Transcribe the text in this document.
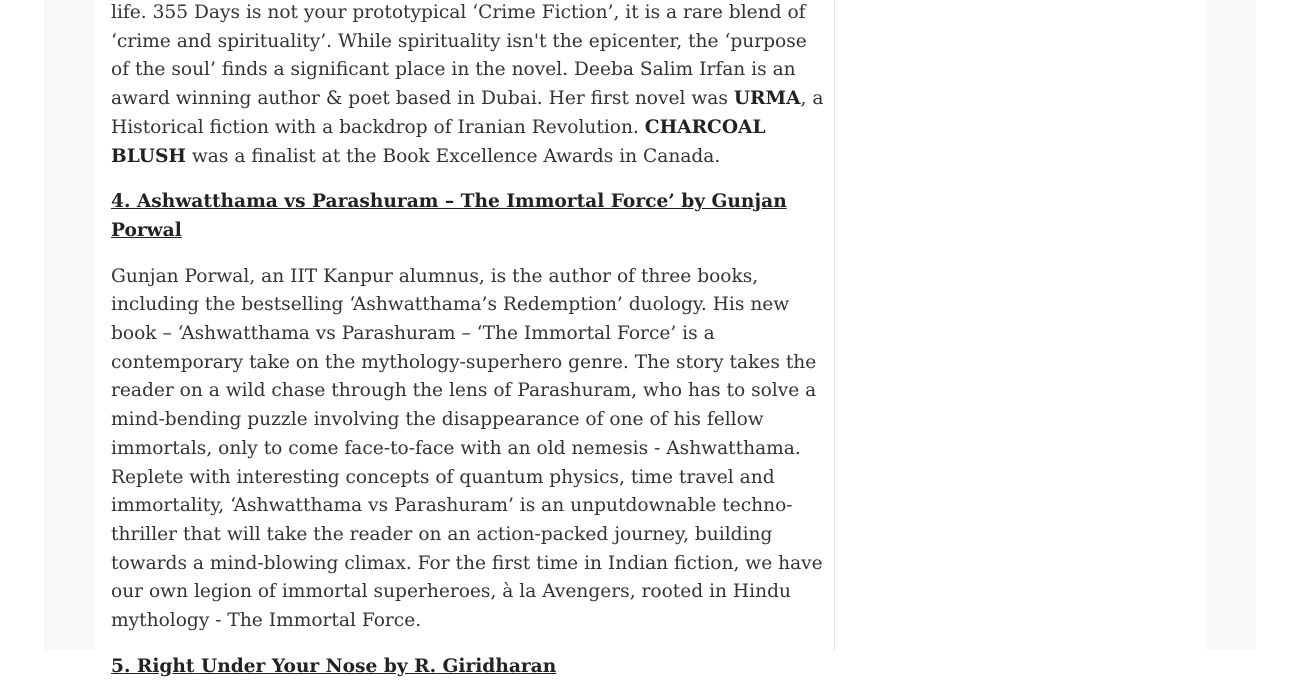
life. 355 Days is not your prototypical ‘Crime Fiction’, it is a rare blend of ‘crime and spirituality’. While spirituality isn't the epicenter, the ‘purpose of the soul’ finds a significant place in the novel. Deeba Salim Irfan is an award winning author & poet based in Dubai. Her first novel was URMA, a Historical fiction with a backdrop of Iranian Revolution. CHARCOAL BLUSH was a finalist at the Book Excellence Awards in Canada.

4. Ashwatthama vs Parashuram – The Immortal Force’ by Gunjan Porwal

Gunjan Porwal, an IIT Kanpur alumnus, is the author of three books, including the bestselling ‘Ashwatthama’s Redemption’ duology. His new book – ‘Ashwatthama vs Parashuram – ‘The Immortal Force’ is a contemporary take on the mythology-superhero genre. The story takes the reader on a wild chase through the lens of Parashuram, who has to solve a mind-bending puzzle involving the disappearance of one of his fellow immortals, only to come face-to-face with an old nemesis - Ashwatthama. Replete with interesting concepts of quantum physics, time travel and immortality, ‘Ashwatthama vs Parashuram’ is an unputdownable techno-thriller that will take the reader on an action-packed journey, building towards a mind-blowing climax. For the first time in Indian fiction, we have our own legion of immortal superheroes, à la Avengers, rooted in Hindu mythology - The Immortal Force.

5. Right Under Your Nose by R. Giridharan
